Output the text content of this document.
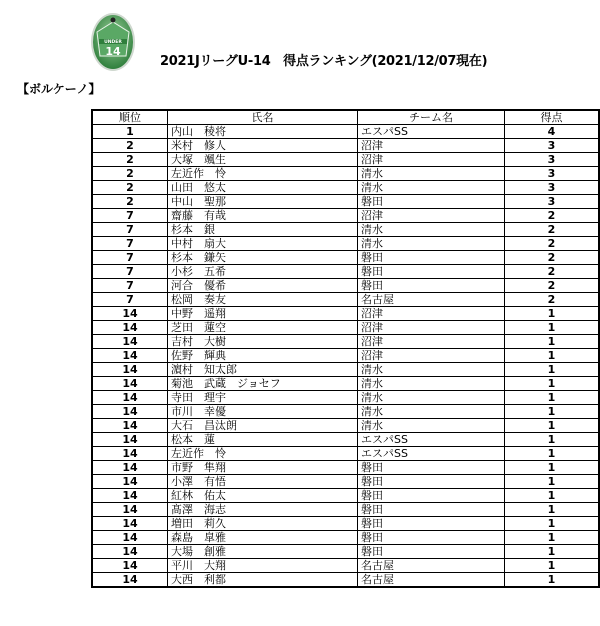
UNDER
14
2021JリーグU-14　得点ランキング(2021/12/07現在)
【ボルケーノ】
順位	氏名	チーム名	得点
1	内山　稜将	エスパSS	4
2	米村　修人	沼津	3
2	大塚　颯生	沼津	3
2	左近作　怜	清水	3
2	山田　悠太	清水	3
2	中山　聖那	磐田	3
7	齋藤　有哉	沼津	2
7	杉本　銀	清水	2
7	中村　扇大	清水	2
7	杉本　鎌矢	磐田	2
7	小杉　五希	磐田	2
7	河合　優希	磐田	2
7	松岡　奏友	名古屋	2
14	中野　遥翔	沼津	1
14	芝田　蓮空	沼津	1
14	吉村　大樹	沼津	1
14	佐野　輝典	沼津	1
14	濵村　知太郎	清水	1
14	菊池　武蔵　ジョセフ	清水	1
14	寺田　理宇	清水	1
14	市川　幸優	清水	1
14	大石　昌汰朗	清水	1
14	松本　蓮	エスパSS	1
14	左近作　怜	エスパSS	1
14	市野　隼翔	磐田	1
14	小澤　有悟	磐田	1
14	紅林　佑太	磐田	1
14	髙澤　海志	磐田	1
14	増田　莉久	磐田	1
14	森島　皐雅	磐田	1
14	大場　創雅	磐田	1
14	平川　大翔	名古屋	1
14	大西　利都	名古屋	1
